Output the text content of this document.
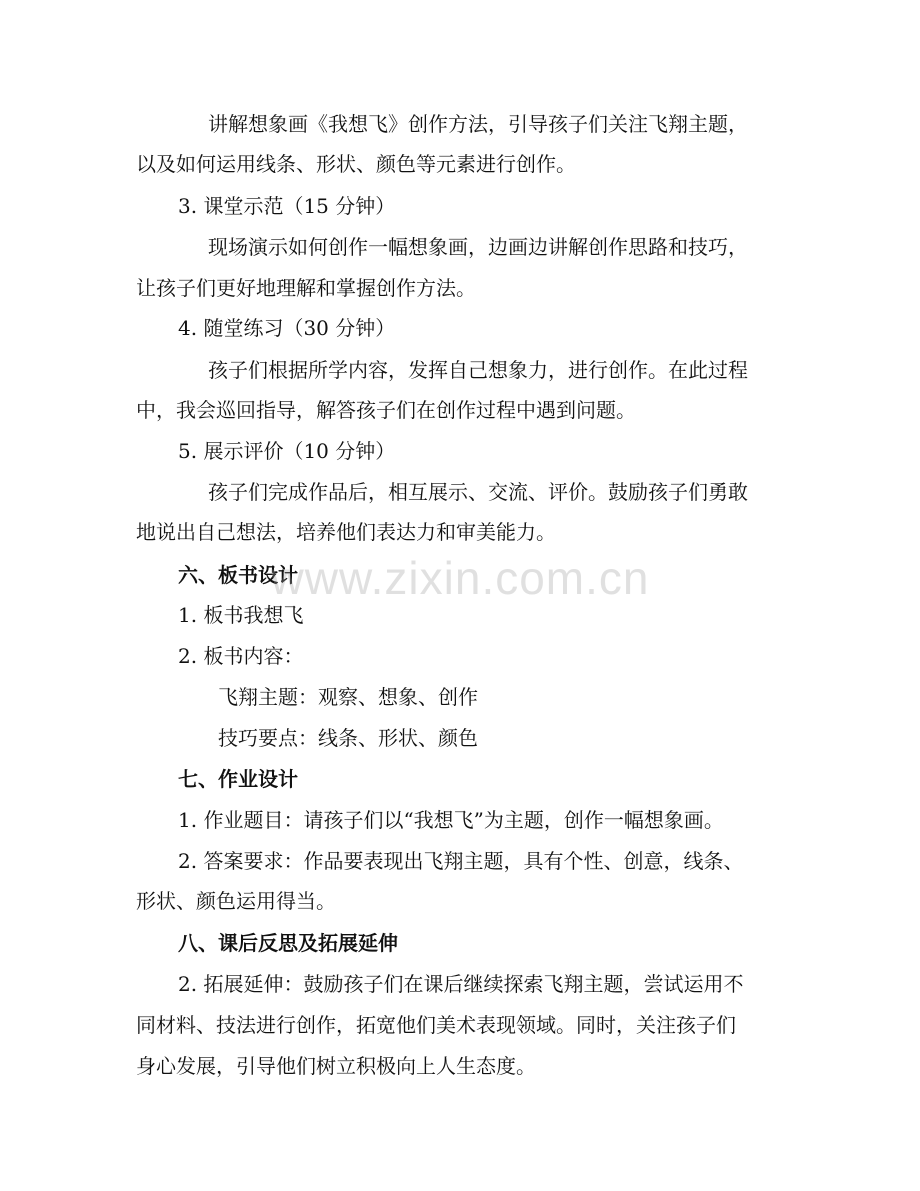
讲解想象画《我想飞》创作方法，引导孩子们关注飞翔主题，
以及如何运用线条、形状、颜色等元素进行创作。
3. 课堂示范（15 分钟）
现场演示如何创作一幅想象画，边画边讲解创作思路和技巧，
让孩子们更好地理解和掌握创作方法。
4. 随堂练习（30 分钟）
孩子们根据所学内容，发挥自己想象力，进行创作。在此过程
中，我会巡回指导，解答孩子们在创作过程中遇到问题。
5. 展示评价（10 分钟）
孩子们完成作品后，相互展示、交流、评价。鼓励孩子们勇敢
地说出自己想法，培养他们表达力和审美能力。
六、板书设计
1. 板书我想飞
2. 板书内容：
飞翔主题：观察、想象、创作
技巧要点：线条、形状、颜色
七、作业设计
1. 作业题目：请孩子们以“我想飞”为主题，创作一幅想象画。
2. 答案要求：作品要表现出飞翔主题，具有个性、创意，线条、
形状、颜色运用得当。
八、课后反思及拓展延伸
2. 拓展延伸：鼓励孩子们在课后继续探索飞翔主题，尝试运用不
同材料、技法进行创作，拓宽他们美术表现领域。同时，关注孩子们
身心发展，引导他们树立积极向上人生态度。
www.zixin.com.cn
